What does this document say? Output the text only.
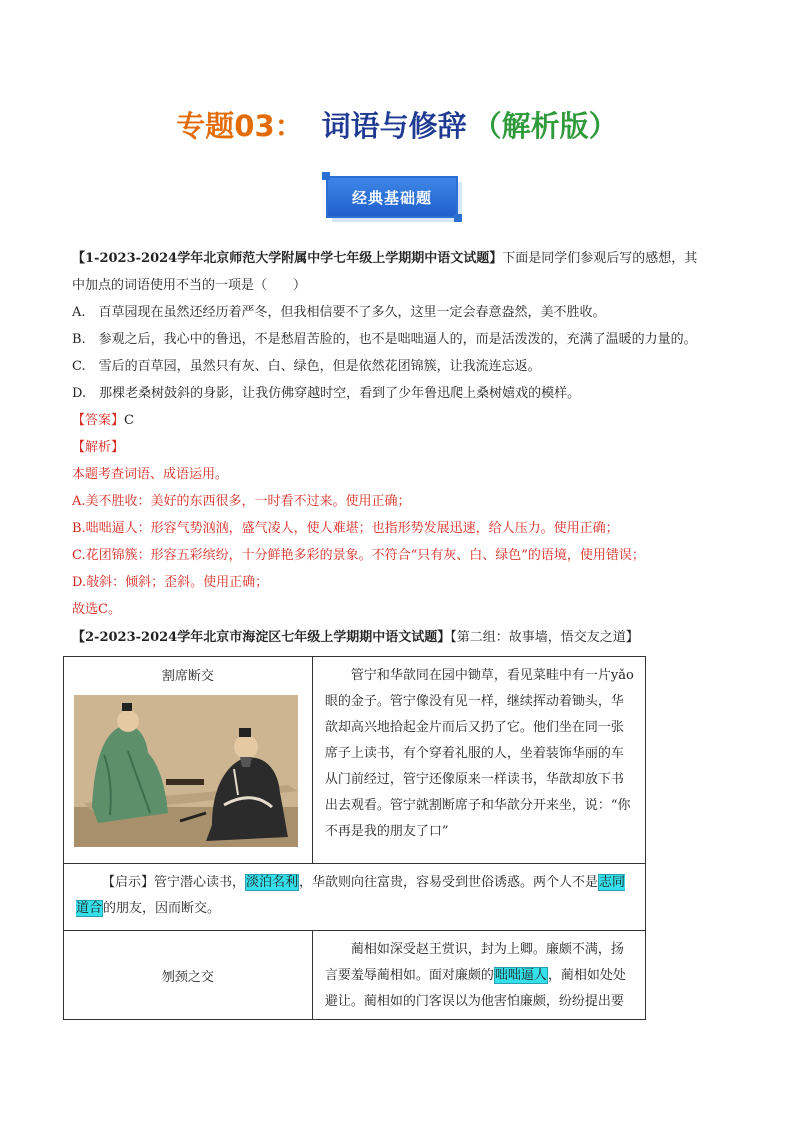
专题03： 词语与修辞 （解析版）
经典基础题
【1-2023-2024学年北京师范大学附属中学七年级上学期期中语文试题】下面是同学们参观后写的感想，其
中加点的词语使用不当的一项是（　　）
A.　百草园现在虽然还经历着严冬，但我相信要不了多久，这里一定会春意盎然，美不胜收。
B.　参观之后，我心中的鲁迅，不是愁眉苦脸的，也不是咄咄逼人的，而是活泼泼的，充满了温暖的力量的。
C.　雪后的百草园，虽然只有灰、白、绿色，但是依然花团锦簇，让我流连忘返。
D.　那棵老桑树鼓斜的身影，让我仿佛穿越时空，看到了少年鲁迅爬上桑树嬉戏的模样。
【答案】C
【解析】
本题考查词语、成语运用。
A.美不胜收：美好的东西很多，一时看不过来。使用正确；
B.咄咄逼人：形容气势汹汹，盛气凌人，使人难堪；也指形势发展迅速，给人压力。使用正确；
C.花团锦簇：形容五彩缤纷，十分鲜艳多彩的景象。不符合“只有灰、白、绿色”的语境，使用错误；
D.敧斜：倾斜；歪斜。使用正确；
故选C。
【2-2023-2024学年北京市海淀区七年级上学期期中语文试题】【第二组：故事墙，悟交友之道】
割席断交	管宁和华歆同在园中锄草，看见菜畦中有一片yǎo眼的金子。管宁像没有见一样，继续挥动着锄头，华歆却高兴地拾起金片而后又扔了它。他们坐在同一张席子上读书，有个穿着礼服的人，坐着装饰华丽的车从门前经过，管宁还像原来一样读书，华歆却放下书出去观看。管宁就割断席子和华歆分开来坐，说：“你不再是我的朋友了口”

【启示】管宁潜心读书，淡泊名利，华歆则向往富贵，容易受到世俗诱惑。两个人不是志同道合的朋友，因而断交。	

刎颈之交	蔺相如深受赵王赏识，封为上卿。廉颇不满，扬言要羞辱蔺相如。面对廉颇的咄咄逼人，蔺相如处处避让。蔺相如的门客误以为他害怕廉颇，纷纷提出要
